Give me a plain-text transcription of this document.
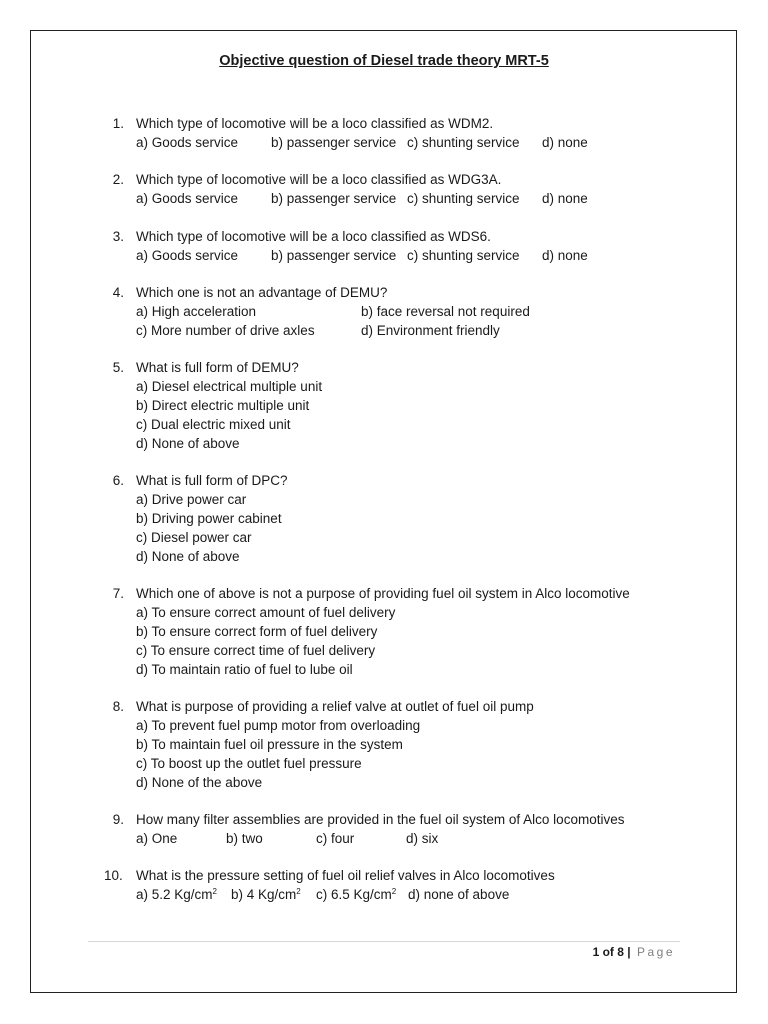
Objective question of Diesel trade theory MRT-5
1. Which type of locomotive will be a loco classified as WDM2.
a) Goods service b) passenger service c) shunting service d) none
2. Which type of locomotive will be a loco classified as WDG3A.
a) Goods service b) passenger service c) shunting service d) none
3. Which type of locomotive will be a loco classified as WDS6.
a) Goods service b) passenger service c) shunting service d) none
4. Which one is not an advantage of DEMU?
a) High acceleration	b) face reversal not required
c) More number of drive axles	d) Environment friendly
5. What is full form of DEMU?
a) Diesel electrical multiple unit
b) Direct electric multiple unit
c) Dual electric mixed unit
d) None of above
6. What is full form of DPC?
a) Drive power car
b) Driving power cabinet
c) Diesel power car
d) None of above
7. Which one of above is not a purpose of providing fuel oil system in Alco locomotive
a) To ensure correct amount of fuel delivery
b) To ensure correct form of fuel delivery
c) To ensure correct time of fuel delivery
d) To maintain ratio of fuel to lube oil
8. What is purpose of providing a relief valve at outlet of fuel oil pump
a) To prevent fuel pump motor from overloading
b) To maintain fuel oil pressure in the system
c) To boost up the outlet fuel pressure
d) None of the above
9. How many filter assemblies are provided in the fuel oil system of Alco locomotives
a) One	b) two	c) four	d) six
10. What is the pressure setting of fuel oil relief valves in Alco locomotives
a) 5.2 $Kg/cm^2$ b) 4 $Kg/cm^2$ c) 6.5 $Kg/cm^2$ d) none of above
1 of 8 | Page
